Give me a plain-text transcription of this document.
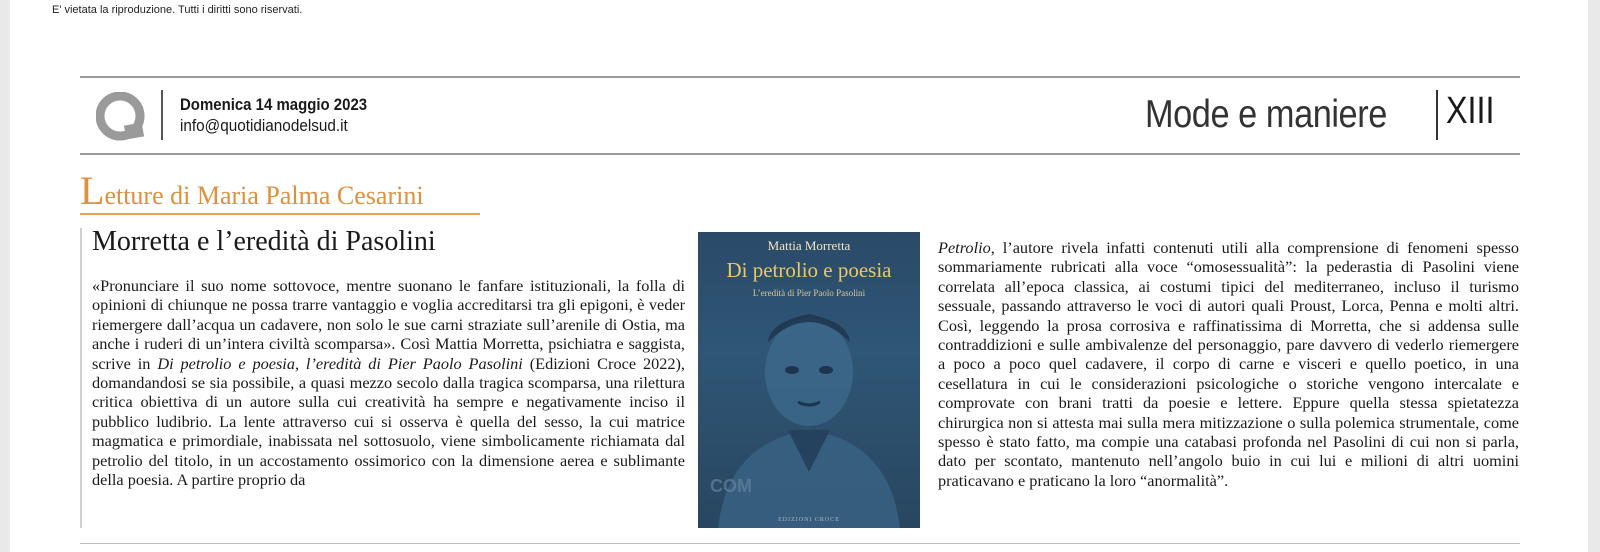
E' vietata la riproduzione. Tutti i diritti sono riservati.
Domenica 14 maggio 2023
info@quotidianodelsud.it	Mode e maniere XIII
Letture di Maria Palma Cesarini
Morretta e l’eredità di Pasolini
«Pronunciare il suo nome sottovoce, mentre suonano le fanfare istituzionali, la folla di opinioni di chiunque ne possa trarre vantaggio e voglia accreditarsi tra gli epigoni, è veder riemergere dall’acqua un cadavere, non solo le sue carni straziate sull’arenile di Ostia, ma anche i ruderi di un’intera civiltà scomparsa». Così Mattia Morretta, psichiatra e saggista, scrive in Di petrolio e poesia, l’eredità di Pier Paolo Pasolini (Edizioni Croce 2022), domandandosi se sia possibile, a quasi mezzo secolo dalla tragica scomparsa, una rilettura critica obiettiva di un autore sulla cui creatività ha sempre e negativamente inciso il pubblico ludibrio. La lente attraverso cui si osserva è quella del sesso, la cui matrice magmatica e primordiale, inabissata nel sottosuolo, viene simbolicamente richiamata dal petrolio del titolo, in un accostamento ossimorico con la dimensione aerea e sublimante della poesia. A partire proprio da
Mattia Morretta
Di petrolio e poesia
L’eredità di Pier Paolo Pasolini
COM
EDIZIONI CROCE
Petrolio, l’autore rivela infatti contenuti utili alla comprensione di fenomeni spesso sommariamente rubricati alla voce “omosessualità”: la pederastia di Pasolini viene correlata all’epoca classica, ai costumi tipici del mediterraneo, incluso il turismo sessuale, passando attraverso le voci di autori quali Proust, Lorca, Penna e molti altri. Così, leggendo la prosa corrosiva e raffinatissima di Morretta, che si addensa sulle contraddizioni e sulle ambivalenze del personaggio, pare davvero di vederlo riemergere a poco a poco quel cadavere, il corpo di carne e visceri e quello poetico, in una cesellatura in cui le considerazioni psicologiche o storiche vengono intercalate e comprovate con brani tratti da poesie e lettere. Eppure quella stessa spietatezza chirurgica non si attesta mai sulla mera mitizzazione o sulla polemica strumentale, come spesso è stato fatto, ma compie una catabasi profonda nel Pasolini di cui non si parla, dato per scontato, mantenuto nell’angolo buio in cui lui e milioni di altri uomini praticavano e praticano la loro “anormalità”.
